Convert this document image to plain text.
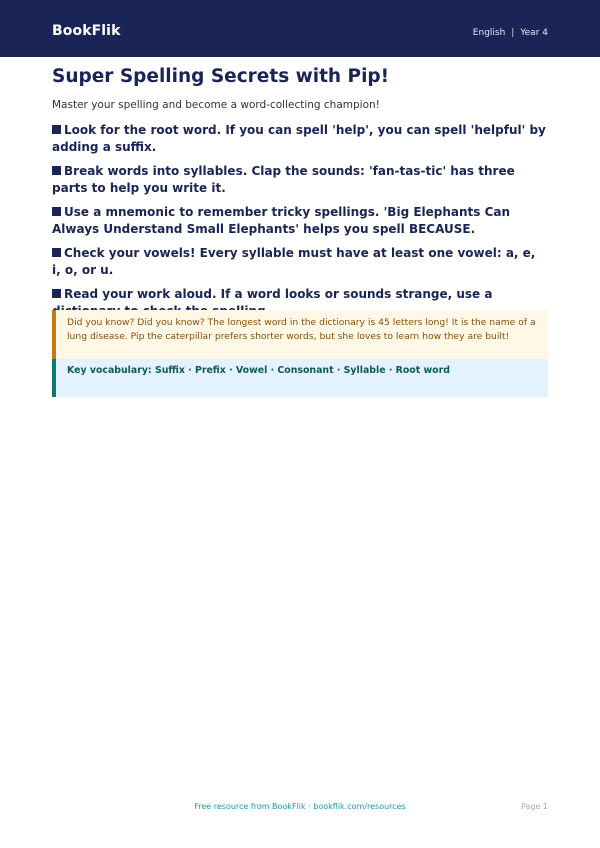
BookFlik	English | Year 4
Super Spelling Secrets with Pip!
Master your spelling and become a word-collecting champion!
Look for the root word. If you can spell 'help', you can spell 'helpful' by adding a suffix.
Break words into syllables. Clap the sounds: 'fan-tas-tic' has three parts to help you write it.
Use a mnemonic to remember tricky spellings. 'Big Elephants Can Always Understand Small Elephants' helps you spell BECAUSE.
Check your vowels! Every syllable must have at least one vowel: a, e, i, o, or u.
Read your work aloud. If a word looks or sounds strange, use a
Did you know? Did you know? The longest word in the dictionary is 45 letters long! It is the name of a lung disease. Pip the caterpillar prefers shorter words, but she loves to learn how they are built!
Key vocabulary: Suffix · Prefix · Vowel · Consonant · Syllable · Root word
Free resource from BookFlik · bookflik.com/resources	Page 1
